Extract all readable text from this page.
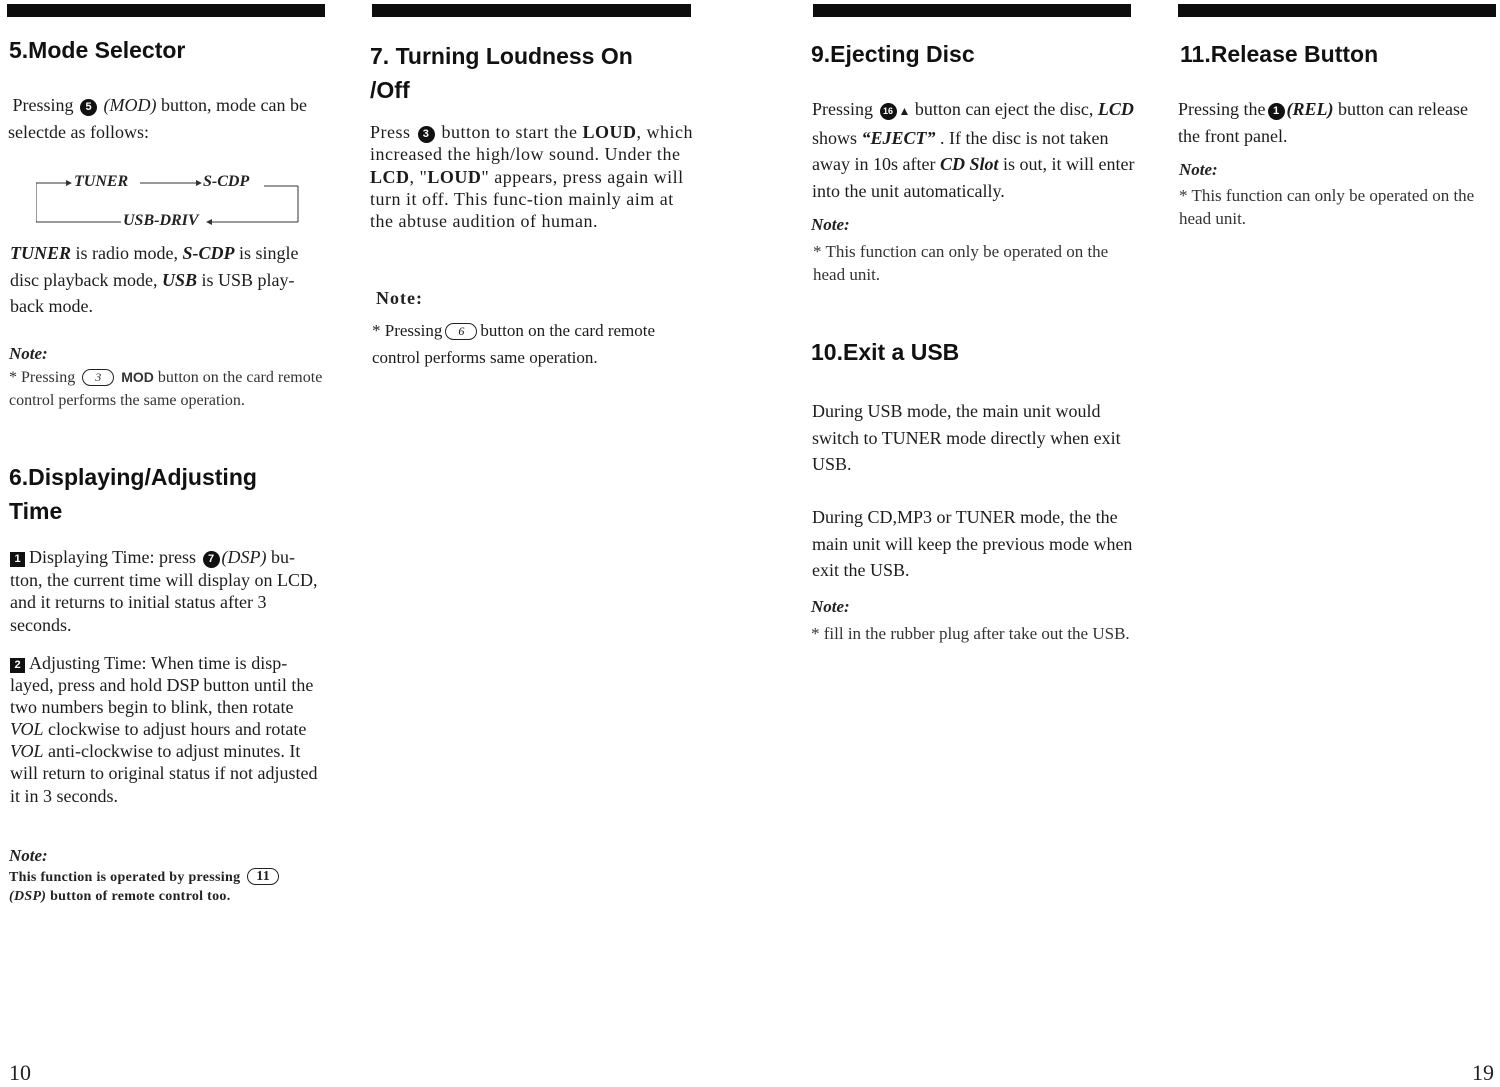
5.Mode Selector

Pressing 5 (MOD) button, mode can be selectde as follows:

TUNER	S-CDP
USB-DRIV

TUNER is radio mode, S-CDP is single disc playback mode, USB is USB play-back mode.

Note:

* Pressing 3 MOD button on the card remote control performs the same operation.

6.Displaying/Adjusting
Time

1 Displaying Time: press 7 (DSP) bu-tton, the current time will display on LCD, and it returns to initial status after 3 seconds.

2 Adjusting Time: When time is disp-layed, press and hold DSP button until the two numbers begin to blink, then rotate VOL clockwise to adjust hours and rotate VOL anti-clockwise to adjust minutes. It will return to original status if not adjusted it in 3 seconds.

Note:

This function is operated by pressing 11
(DSP) button of remote control too.

10
7. Turning Loudness On
/Off

Press 3 button to start the LOUD, which increased the high/low sound. Under the LCD, "LOUD" appears, press again will turn it off. This func-tion mainly aim at the abtuse audition of human.

Note:

* Pressing 6 button on the card remote control performs same operation.

9.Ejecting Disc

Pressing 16 ▲ button can eject the disc, LCD shows “EJECT” . If the disc is not taken away in 10s after CD Slot is out, it will enter into the unit automatically.

Note:

* This function can only be operated on the head unit.

10.Exit a USB

During USB mode, the main unit would switch to TUNER mode directly when exit USB.

During CD,MP3 or TUNER mode, the the main unit will keep the previous mode when exit the USB.

Note:

* fill in the rubber plug after take out the USB.

11.Release Button

Pressing the 1 (REL) button can release the front panel.

Note:

* This function can only be operated on the head unit.

19
